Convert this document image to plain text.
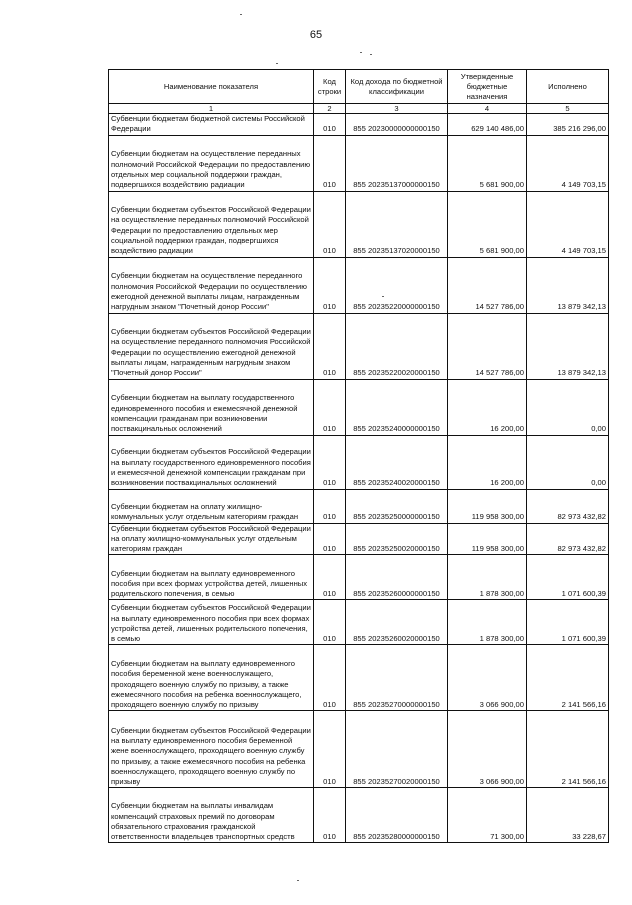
65
Наименование показателя	Код строки	Код дохода по бюджетной классификации	Утвержденные бюджетные назначения	Исполнено
1	2	3	4	5
Субвенции бюджетам бюджетной системы Российской Федерации	010	855 20230000000000150	629 140 486,00	385 216 296,00
Субвенции бюджетам на осуществление переданных полномочий Российской Федерации по предоставлению отдельных мер социальной поддержки граждан, подвергшихся воздействию радиации	010	855 20235137000000150	5 681 900,00	4 149 703,15
Субвенции бюджетам субъектов Российской Федерации на осуществление переданных полномочий Российской Федерации по предоставлению отдельных мер социальной поддержки граждан, подвергшихся воздействию радиации	010	855 20235137020000150	5 681 900,00	4 149 703,15
Субвенции бюджетам на осуществление переданного полномочия Российской Федерации по осуществлению ежегодной денежной выплаты лицам, награжденным нагрудным знаком "Почетный донор России"	010	855 20235220000000150	14 527 786,00	13 879 342,13
Субвенции бюджетам субъектов Российской Федерации на осуществление переданного полномочия Российской Федерации по осуществлению ежегодной денежной выплаты лицам, награжденным нагрудным знаком "Почетный донор России"	010	855 20235220020000150	14 527 786,00	13 879 342,13
Субвенции бюджетам на выплату государственного единовременного пособия и ежемесячной денежной компенсации гражданам при возникновении поствакцинальных осложнений	010	855 20235240000000150	16 200,00	0,00
Субвенции бюджетам субъектов Российской Федерации на выплату государственного единовременного пособия и ежемесячной денежной компенсации гражданам при возникновении поствакцинальных осложнений	010	855 20235240020000150	16 200,00	0,00
Субвенции бюджетам на оплату жилищно-коммунальных услуг отдельным категориям граждан	010	855 20235250000000150	119 958 300,00	82 973 432,82
Субвенции бюджетам субъектов Российской Федерации на оплату жилищно-коммунальных услуг отдельным категориям граждан	010	855 20235250020000150	119 958 300,00	82 973 432,82
Субвенции бюджетам на выплату единовременного пособия при всех формах устройства детей, лишенных родительского попечения, в семью	010	855 20235260000000150	1 878 300,00	1 071 600,39
Субвенции бюджетам субъектов Российской Федерации на выплату единовременного пособия при всех формах устройства детей, лишенных родительского попечения, в семью	010	855 20235260020000150	1 878 300,00	1 071 600,39
Субвенции бюджетам на выплату единовременного пособия беременной жене военнослужащего, проходящего военную службу по призыву, а также ежемесячного пособия на ребенка военнослужащего, проходящего военную службу по призыву	010	855 20235270000000150	3 066 900,00	2 141 566,16
Субвенции бюджетам субъектов Российской Федерации на выплату единовременного пособия беременной жене военнослужащего, проходящего военную службу по призыву, а также ежемесячного пособия на ребенка военнослужащего, проходящего военную службу по призыву	010	855 20235270020000150	3 066 900,00	2 141 566,16
Субвенции бюджетам на выплаты инвалидам компенсаций страховых премий по договорам обязательного страхования гражданской ответственности владельцев транспортных средств	010	855 20235280000000150	71 300,00	33 228,67
